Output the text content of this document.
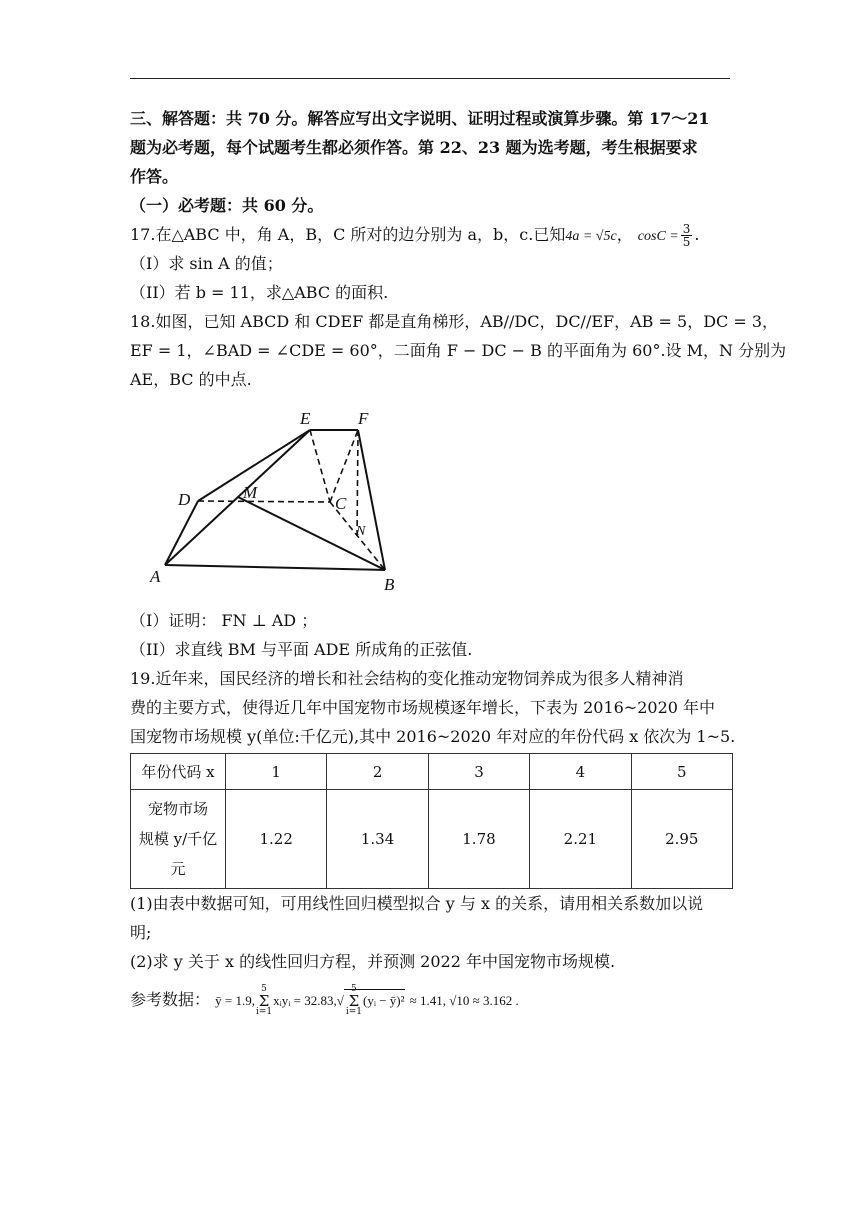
三、解答题：共 70 分。解答应写出文字说明、证明过程或演算步骤。第 17～21
题为必考题，每个试题考生都必须作答。第 22、23 题为选考题，考生根据要求
作答。
（一）必考题：共 60 分。
17.在△ABC 中，角 A，B，C 所对的边分别为 a，b，c.已知4a = √5c， $\cos C = \frac{3}{5}$ .
（I）求 sin A 的值；
（II）若 b = 11，求△ABC 的面积.
18.如图，已知 ABCD 和 CDEF 都是直角梯形，AB//DC，DC//EF，AB = 5，DC = 3，
EF = 1，∠BAD = ∠CDE = 60°，二面角 F − DC − B 的平面角为 60°.设 M，N 分别为
AE，BC 的中点.
A	B
C
D
E	F
M
N
（I）证明： FN ⊥ AD ；
（II）求直线 BM 与平面 ADE 所成角的正弦值.
19.近年来，国民经济的增长和社会结构的变化推动宠物饲养成为很多人精神消
费的主要方式，使得近几年中国宠物市场规模逐年增长，下表为 2016~2020 年中
国宠物市场规模 y(单位:千亿元),其中 2016~2020 年对应的年份代码 x 依次为 1~5.
年份代码 x	1	2	3	4	5

宠物市场
规模 y/千亿
元	1.22	1.34	1.78	2.21	2.95
(1)由表中数据可知，可用线性回归模型拟合 y 与 x 的关系，请用相关系数加以说
明;
(2)求 y 关于 x 的线性回归方程，并预测 2022 年中国宠物市场规模.
参考数据： ȳ = 1.9,5
Σ
i=1xᵢyᵢ = 32.83,√5
Σ
i=1(yᵢ − ȳ)² ≈ 1.41, √10 ≈ 3.162 .
